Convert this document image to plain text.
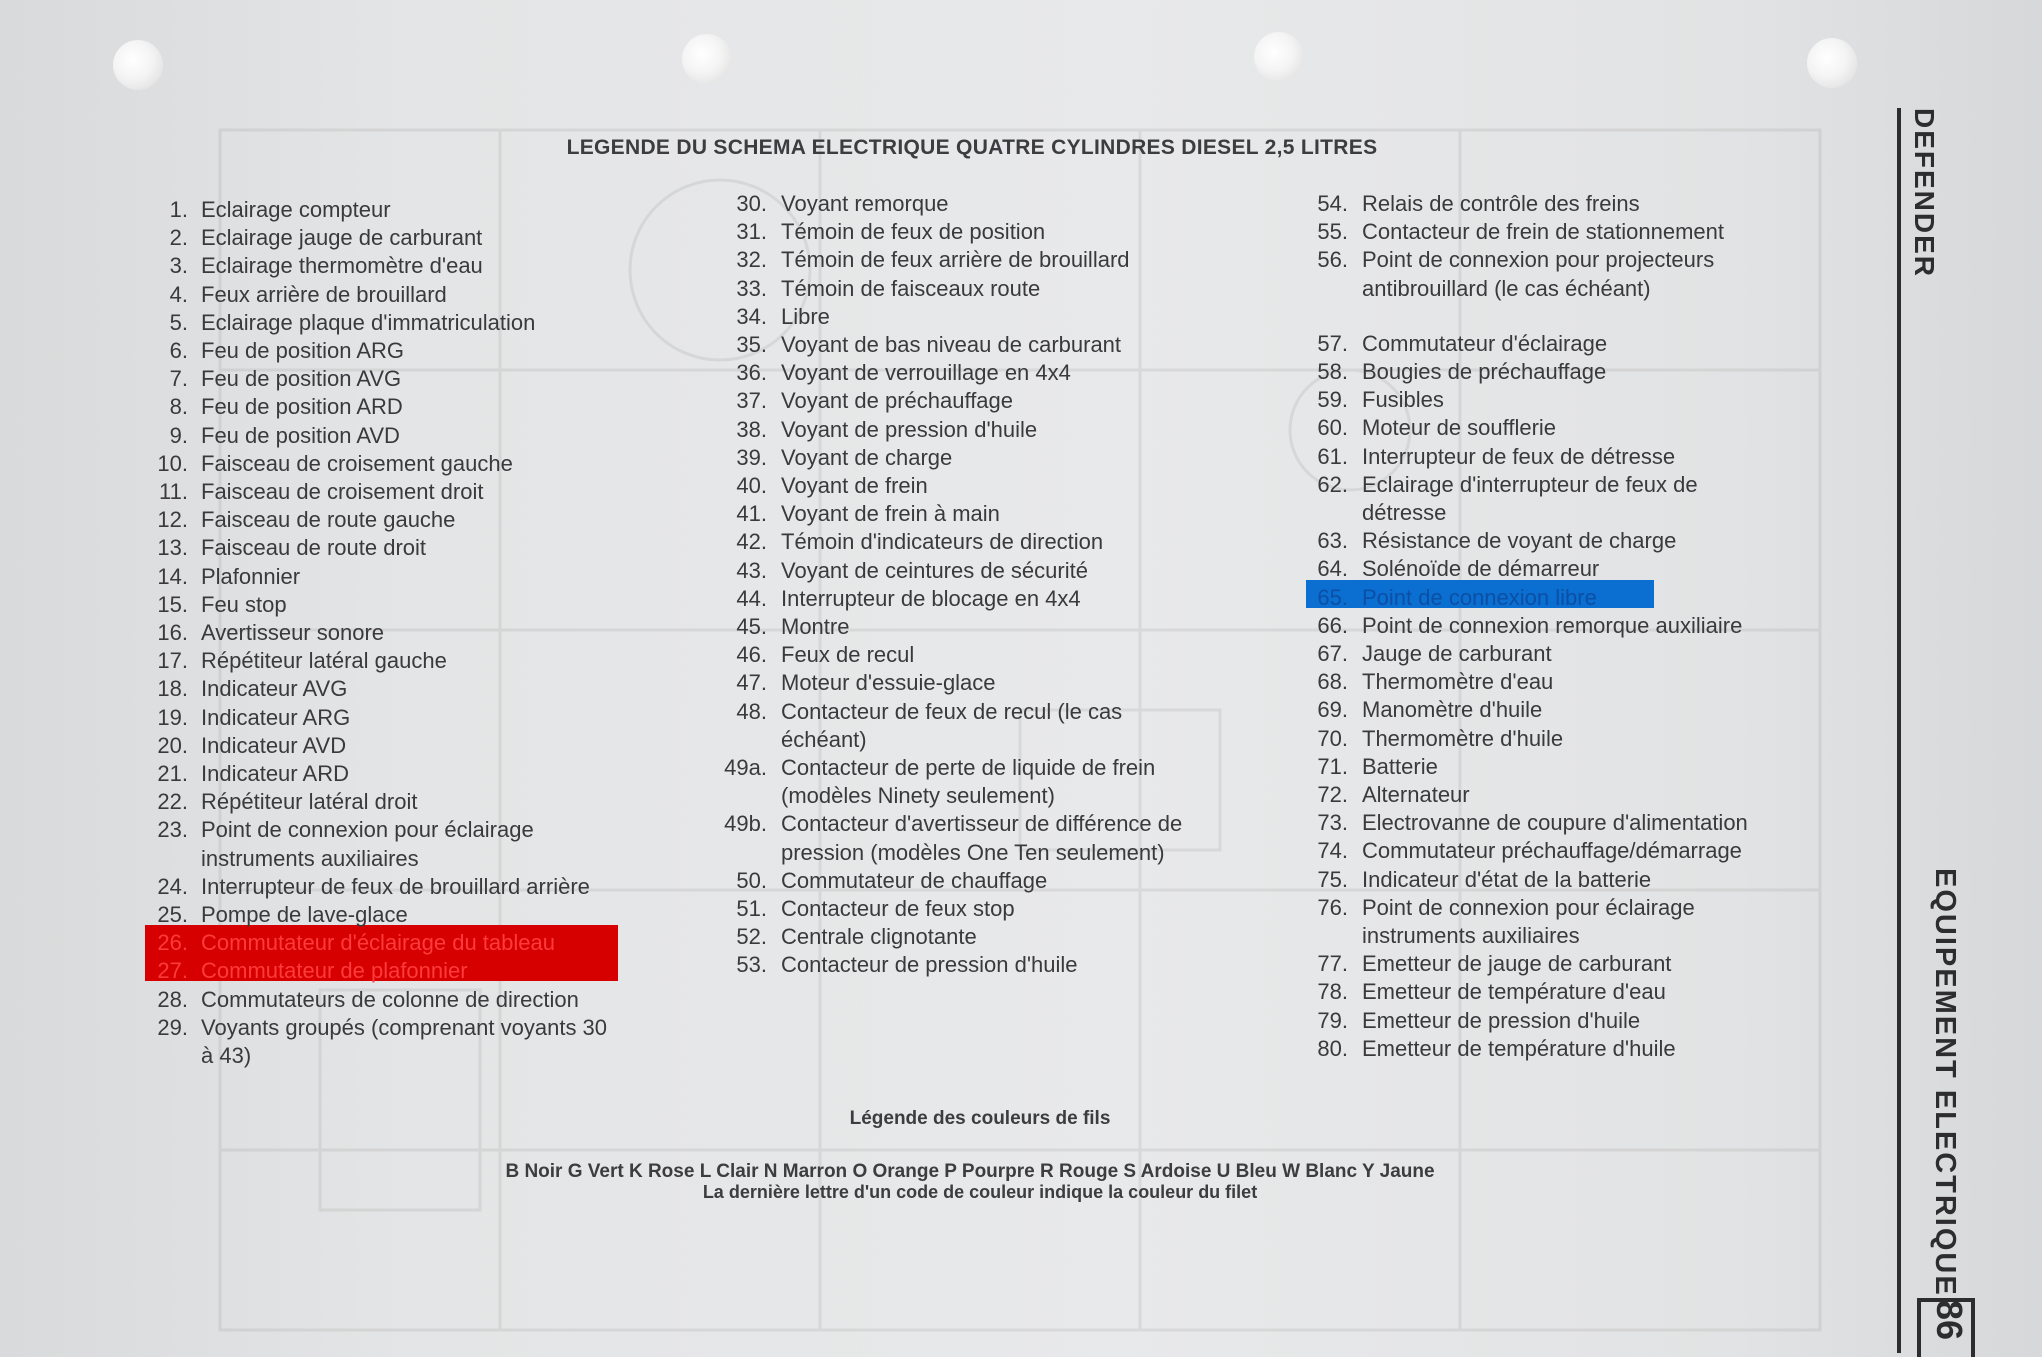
LEGENDE DU SCHEMA ELECTRIQUE QUATRE CYLINDRES DIESEL 2,5 LITRES
1. Eclairage compteur
2. Eclairage jauge de carburant
3. Eclairage thermomètre d'eau
4. Feux arrière de brouillard
5. Eclairage plaque d'immatriculation
6. Feu de position ARG
7. Feu de position AVG
8. Feu de position ARD
9. Feu de position AVD
10. Faisceau de croisement gauche
11. Faisceau de croisement droit
12. Faisceau de route gauche
13. Faisceau de route droit
14. Plafonnier
15. Feu stop
16. Avertisseur sonore
17. Répétiteur latéral gauche
18. Indicateur AVG
19. Indicateur ARG
20. Indicateur AVD
21. Indicateur ARD
22. Répétiteur latéral droit
23. Point de connexion pour éclairage
instruments auxiliaires
24. Interrupteur de feux de brouillard arrière
25. Pompe de lave-glace
26. Commutateur d'éclairage du tableau
27. Commutateur de plafonnier
28. Commutateurs de colonne de direction
29. Voyants groupés (comprenant voyants 30
à 43)
30. Voyant remorque
31. Témoin de feux de position
32. Témoin de feux arrière de brouillard
33. Témoin de faisceaux route
34. Libre
35. Voyant de bas niveau de carburant
36. Voyant de verrouillage en 4x4
37. Voyant de préchauffage
38. Voyant de pression d'huile
39. Voyant de charge
40. Voyant de frein
41. Voyant de frein à main
42. Témoin d'indicateurs de direction
43. Voyant de ceintures de sécurité
44. Interrupteur de blocage en 4x4
45. Montre
46. Feux de recul
47. Moteur d'essuie-glace
48. Contacteur de feux de recul (le cas
échéant)
49a. Contacteur de perte de liquide de frein
(modèles Ninety seulement)
49b. Contacteur d'avertisseur de différence de
pression (modèles One Ten seulement)
50. Commutateur de chauffage
51. Contacteur de feux stop
52. Centrale clignotante
53. Contacteur de pression d'huile
54. Relais de contrôle des freins
55. Contacteur de frein de stationnement
56. Point de connexion pour projecteurs
antibrouillard (le cas échéant)
57. Commutateur d'éclairage
58. Bougies de préchauffage
59. Fusibles
60. Moteur de soufflerie
61. Interrupteur de feux de détresse
62. Eclairage d'interrupteur de feux de
détresse
63. Résistance de voyant de charge
64. Solénoïde de démarreur
65. Point de connexion libre
66. Point de connexion remorque auxiliaire
67. Jauge de carburant
68. Thermomètre d'eau
69. Manomètre d'huile
70. Thermomètre d'huile
71. Batterie
72. Alternateur
73. Electrovanne de coupure d'alimentation
74. Commutateur préchauffage/démarrage
75. Indicateur d'état de la batterie
76. Point de connexion pour éclairage
instruments auxiliaires
77. Emetteur de jauge de carburant
78. Emetteur de température d'eau
79. Emetteur de pression d'huile
80. Emetteur de température d'huile
Légende des couleurs de fils
B Noir G Vert K Rose L Clair N Marron O Orange P Pourpre R Rouge S Ardoise U Bleu W Blanc Y Jaune
La dernière lettre d'un code de couleur indique la couleur du filet
DEFENDER
EQUIPEMENT ELECTRIQUE
86
